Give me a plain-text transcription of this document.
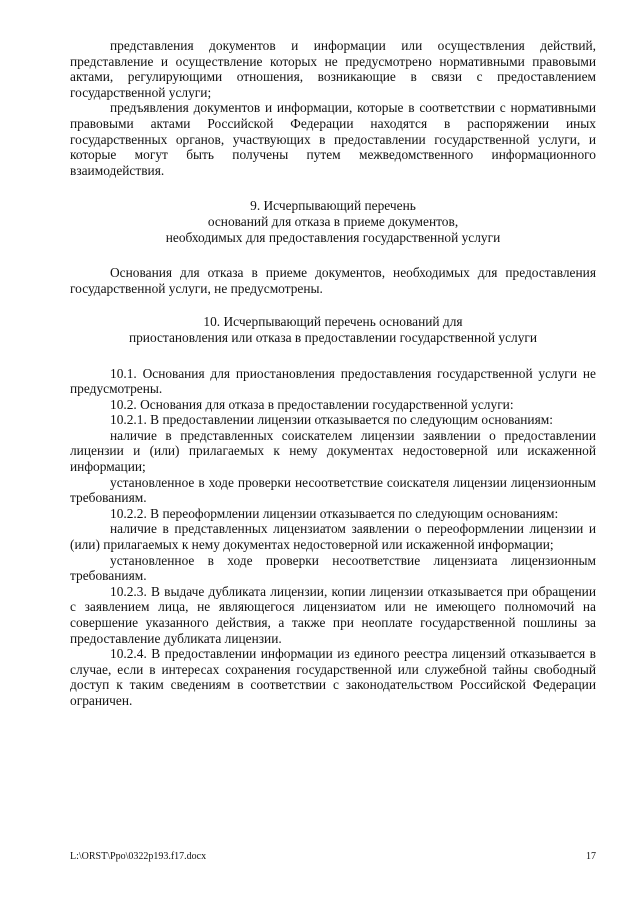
представления документов и информации или осуществления действий, представление и осуществление которых не предусмотрено нормативными правовыми актами, регулирующими отношения, возникающие в связи с предоставлением государственной услуги;

предъявления документов и информации, которые в соответствии с нормативными правовыми актами Российской Федерации находятся в распоряжении иных государственных органов, участвующих в предоставлении государственной услуги, и которые могут быть получены путем межведомственного информационного взаимодействия.

9. Исчерпывающий перечень

оснований для отказа в приеме документов,

необходимых для предоставления государственной услуги

Основания для отказа в приеме документов, необходимых для предоставления государственной услуги, не предусмотрены.

10. Исчерпывающий перечень оснований для

приостановления или отказа в предоставлении государственной услуги

10.1. Основания для приостановления предоставления государственной услуги не предусмотрены.

10.2. Основания для отказа в предоставлении государственной услуги:

10.2.1. В предоставлении лицензии отказывается по следующим основаниям:

наличие в представленных соискателем лицензии заявлении о предоставлении лицензии и (или) прилагаемых к нему документах недостоверной или искаженной информации;

установленное в ходе проверки несоответствие соискателя лицензии лицензионным требованиям.

10.2.2. В переоформлении лицензии отказывается по следующим основаниям:

наличие в представленных лицензиатом заявлении о переоформлении лицензии и (или) прилагаемых к нему документах недостоверной или искаженной информации;

установленное в ходе проверки несоответствие лицензиата лицензионным требованиям.

10.2.3. В выдаче дубликата лицензии, копии лицензии отказывается при обращении с заявлением лица, не являющегося лицензиатом или не имеющего полномочий на совершение указанного действия, а также при неоплате государственной пошлины за предоставление дубликата лицензии.

10.2.4. В предоставлении информации из единого реестра лицензий отказывается в случае, если в интересах сохранения государственной или служебной тайны свободный доступ к таким сведениям в соответствии с законодательством Российской Федерации ограничен.

L:\ORST\Ppo\0322p193.f17.docx	17
